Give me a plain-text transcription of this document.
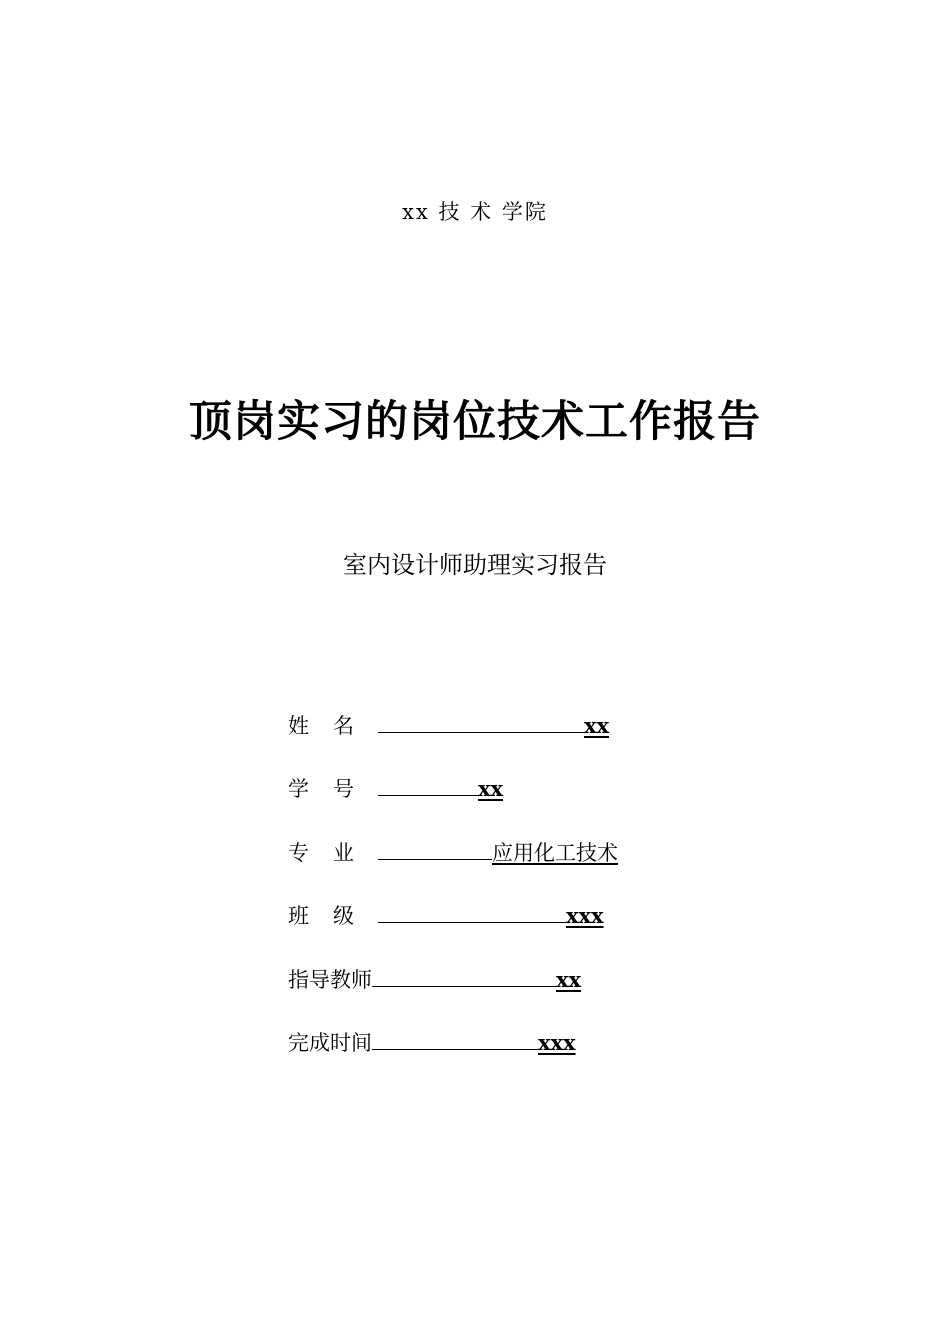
xx 技 术 学院
顶岗实习的岗位技术工作报告
室内设计师助理实习报告
姓名	xx
学号	xx
专业	应用化工技术
班级	xxx
指导教师	xx
完成时间	xxx
